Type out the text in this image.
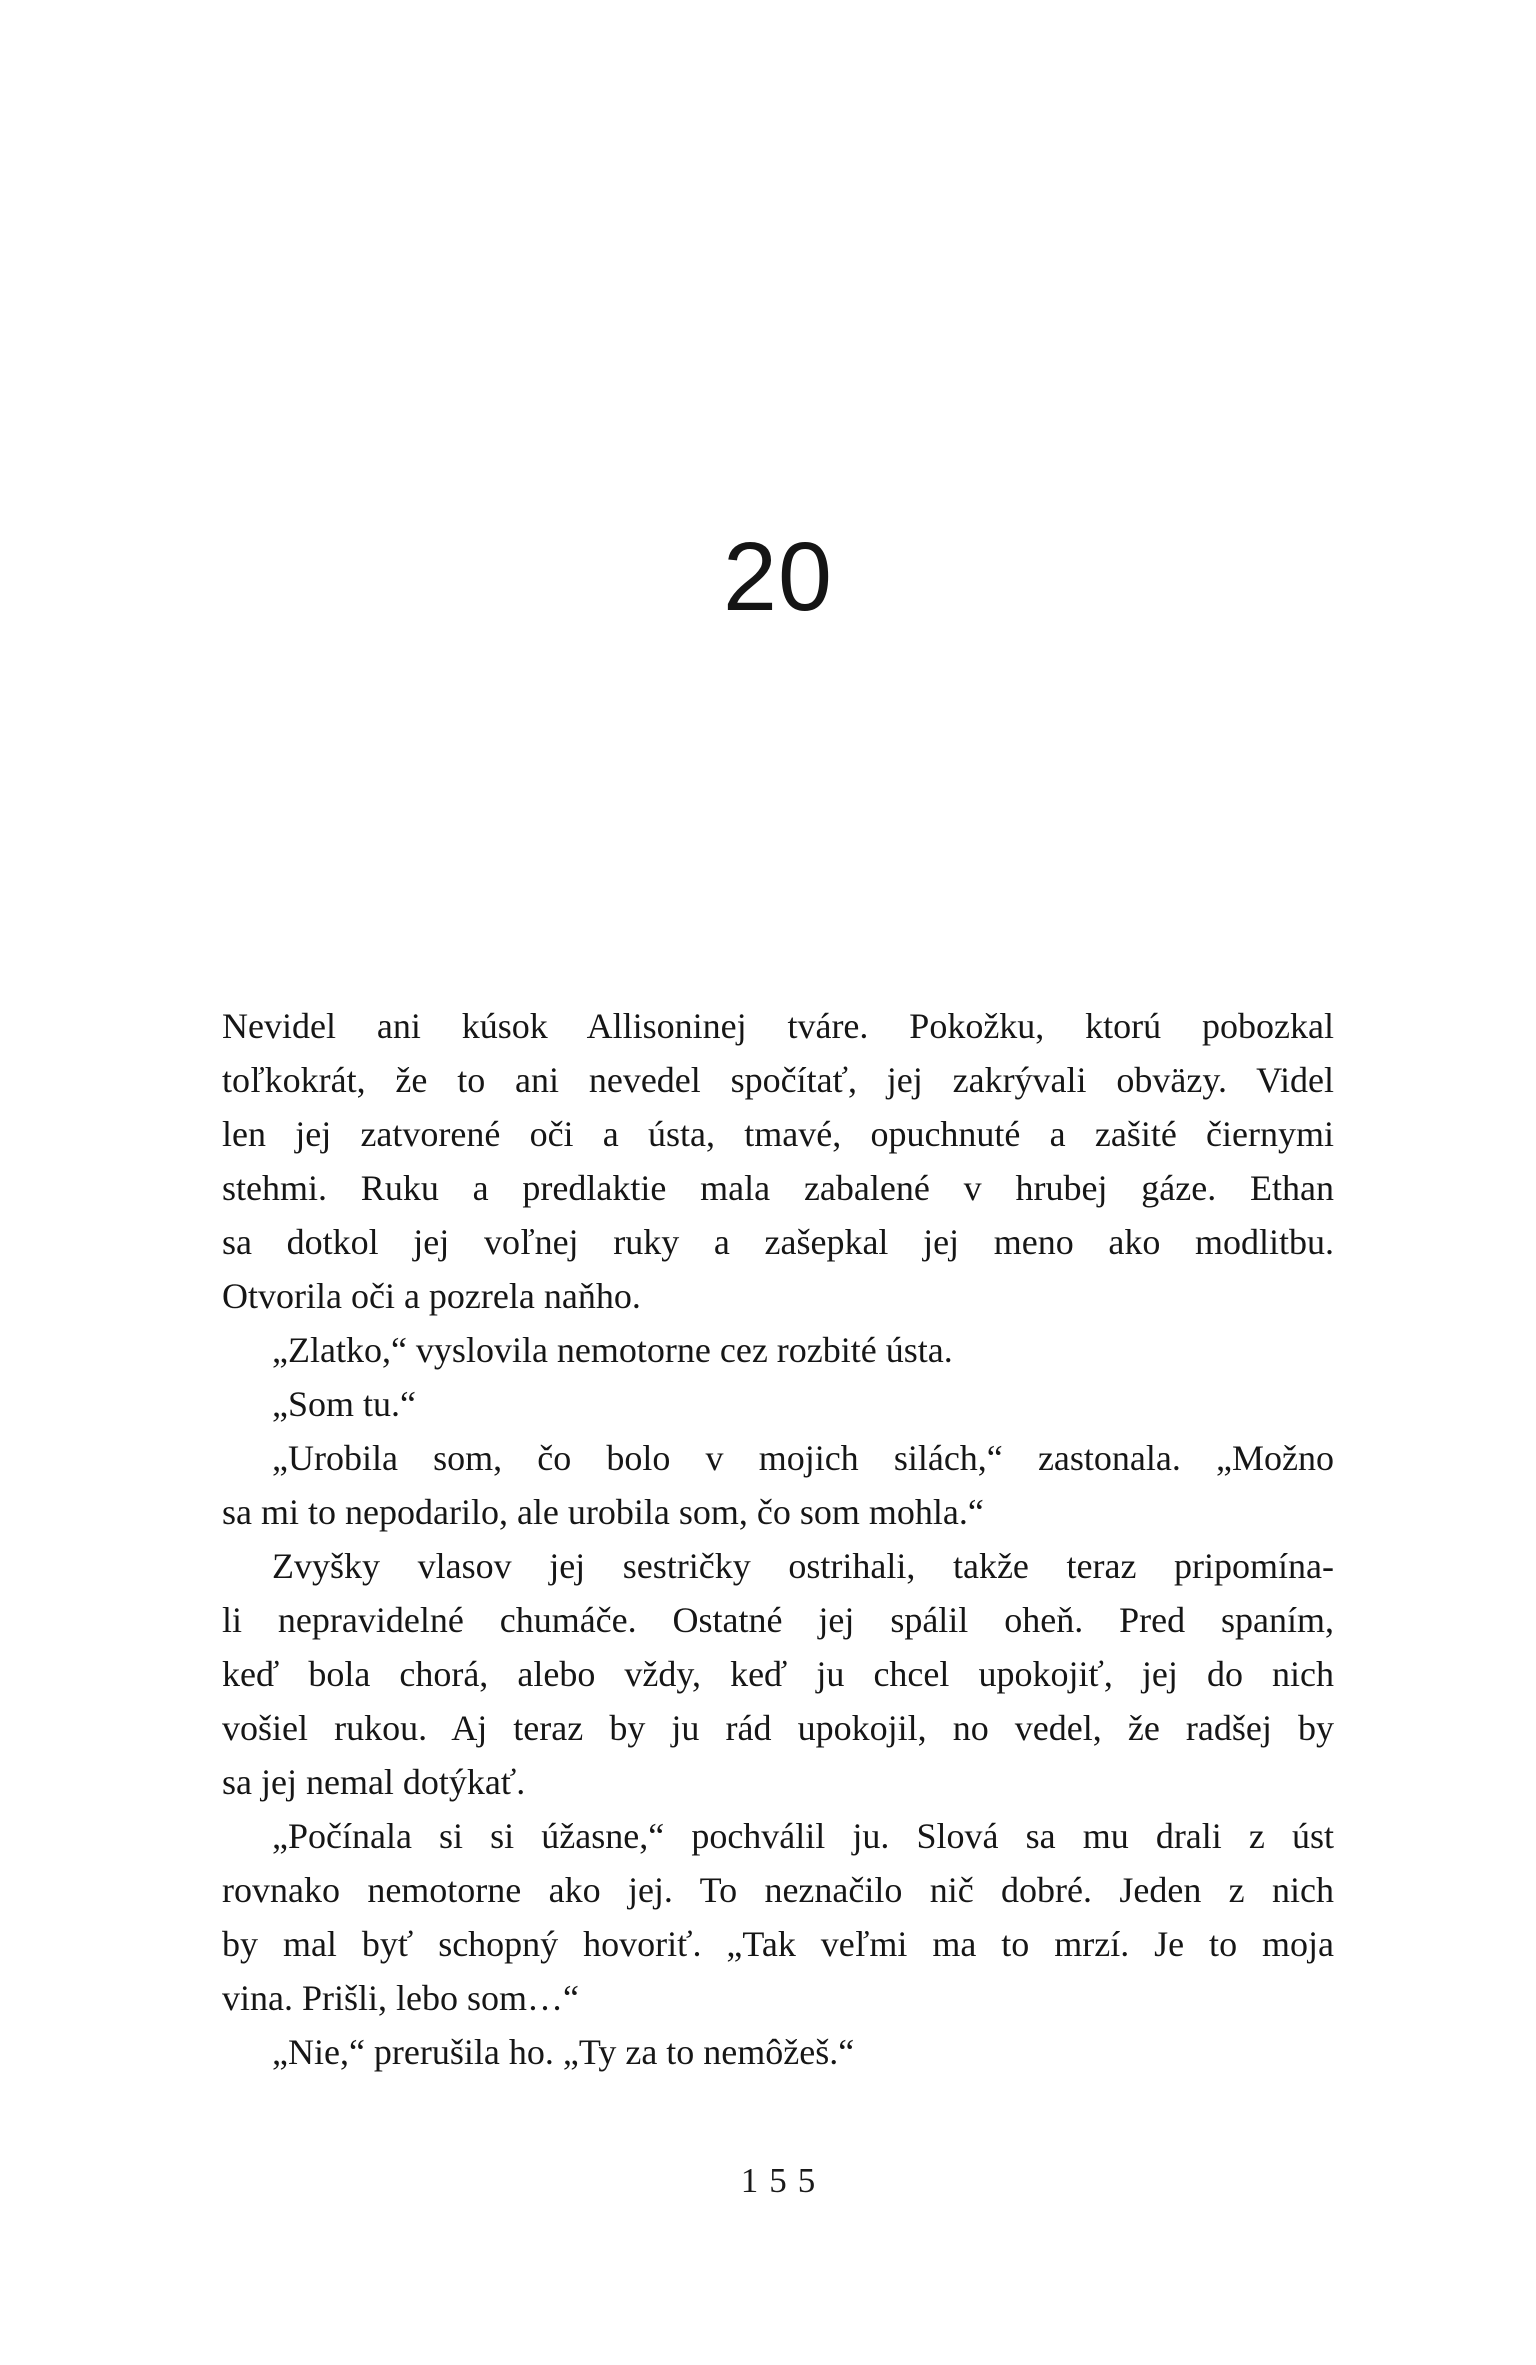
20
Nevidel ani kúsok Allisoninej tváre. Pokožku, ktorú pobozkal
toľkokrát, že to ani nevedel spočítať, jej zakrývali obväzy. Videl
len jej zatvorené oči a ústa, tmavé, opuchnuté a zašité čiernymi
stehmi. Ruku a predlaktie mala zabalené v hrubej gáze. Ethan
sa dotkol jej voľnej ruky a zašepkal jej meno ako modlitbu.
Otvorila oči a pozrela naňho.
„Zlatko,“ vyslovila nemotorne cez rozbité ústa.
„Som tu.“
„Urobila som, čo bolo v mojich silách,“ zastonala. „Možno
sa mi to nepodarilo, ale urobila som, čo som mohla.“
Zvyšky vlasov jej sestričky ostrihali, takže teraz pripomína-
li nepravidelné chumáče. Ostatné jej spálil oheň. Pred spaním,
keď bola chorá, alebo vždy, keď ju chcel upokojiť, jej do nich
vošiel rukou. Aj teraz by ju rád upokojil, no vedel, že radšej by
sa jej nemal dotýkať.
„Počínala si si úžasne,“ pochválil ju. Slová sa mu drali z úst
rovnako nemotorne ako jej. To neznačilo nič dobré. Jeden z nich
by mal byť schopný hovoriť. „Tak veľmi ma to mrzí. Je to moja
vina. Prišli, lebo som…“
„Nie,“ prerušila ho. „Ty za to nemôžeš.“
155
